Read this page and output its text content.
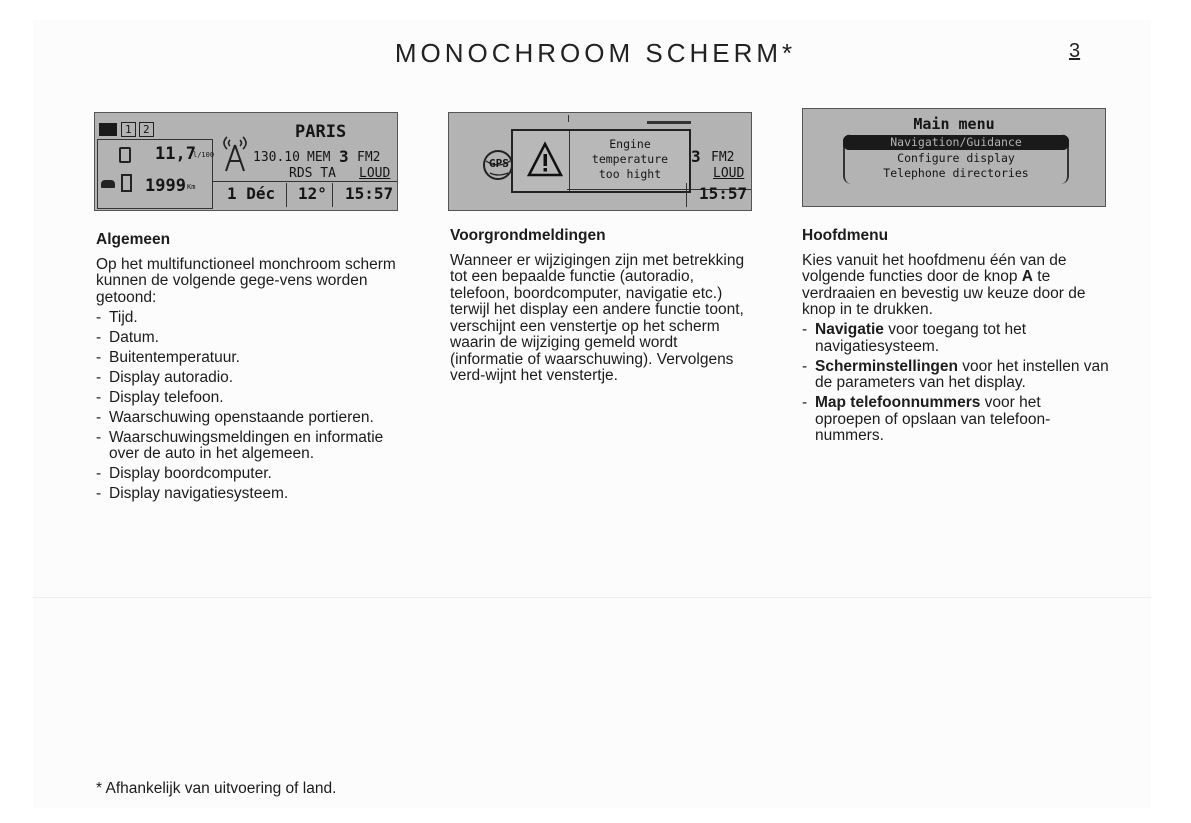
MONOCHROOM SCHERM*	3
1	2
11,7
l/100
1999 Km
PARIS
130.10 MEM 3 FM2
RDS TA LOUD
1 Déc 12° 15:57
GPS
Engine
temperature
too hight
3 FM2
LOUD
15:57
Main menu
Navigation/Guidance
Configure display
Telephone directories
Algemeen

Op het multifunctioneel monchroom scherm kunnen de volgende gege-vens worden getoond:

- Tijd.
- Datum.
- Buitentemperatuur.
- Display autoradio.
- Display telefoon.
- Waarschuwing openstaande portieren.
- Waarschuwingsmeldingen en informatie over de auto in het algemeen.
- Display boordcomputer.
- Display navigatiesysteem.
Voorgrondmeldingen

Wanneer er wijzigingen zijn met betrekking tot een bepaalde functie (autoradio, telefoon, boordcomputer, navigatie etc.) terwijl het display een andere functie toont, verschijnt een venstertje op het scherm waarin de wijziging gemeld wordt (informatie of waarschuwing). Vervolgens verd-wijnt het venstertje.

Hoofdmenu

Kies vanuit het hoofdmenu één van de volgende functies door de knop A te verdraaien en bevestig uw keuze door de knop in te drukken.

- Navigatie voor toegang tot het navigatiesysteem.
- Scherminstellingen voor het instellen van de parameters van het display.
- Map telefoonnummers voor het oproepen of opslaan van telefoon-nummers.
* Afhankelijk van uitvoering of land.
